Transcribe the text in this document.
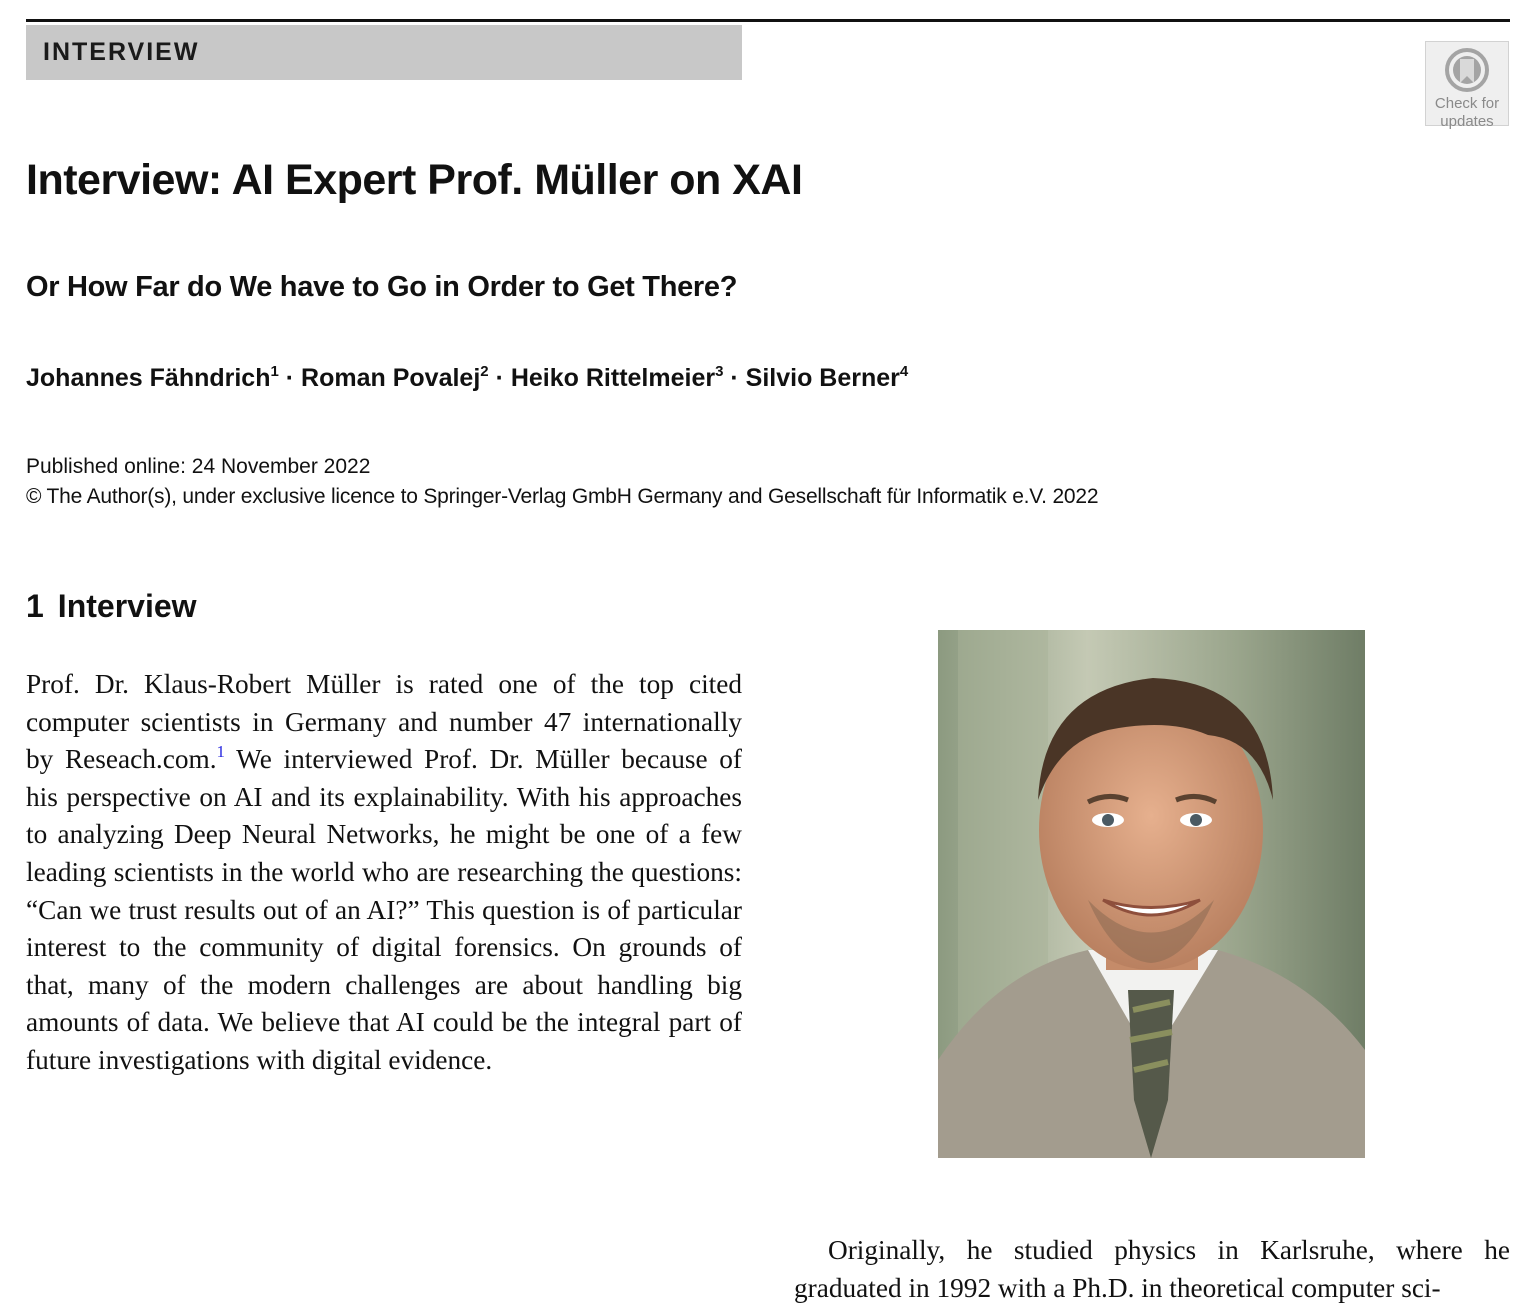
INTERVIEW
Check for
updates
Interview: AI Expert Prof. Müller on XAI
Or How Far do We have to Go in Order to Get There?
Johannes Fähndrich$^1$ · Roman Povalej$^2$ · Heiko Rittelmeier$^3$ · Silvio Berner$^4$
Published online: 24 November 2022
© The Author(s), under exclusive licence to Springer-Verlag GmbH Germany and Gesellschaft für Informatik e.V. 2022
1 Interview

Prof. Dr. Klaus-Robert Müller is rated one of the top cited computer scientists in Germany and number 47 internationally by Reseach.com.$^1$ We interviewed Prof. Dr. Müller because of his perspective on AI and its explainability. With his approaches to analyzing Deep Neural Networks, he might be one of a few leading scientists in the world who are researching the questions: “Can we trust results out of an AI?” This question is of particular interest to the community of digital forensics. On grounds of that, many of the modern challenges are about handling big amounts of data. We believe that AI could be the integral part of future investigations with digital evidence.

Originally, he studied physics in Karlsruhe, where he graduated in 1992 with a Ph.D. in theoretical computer sci-
